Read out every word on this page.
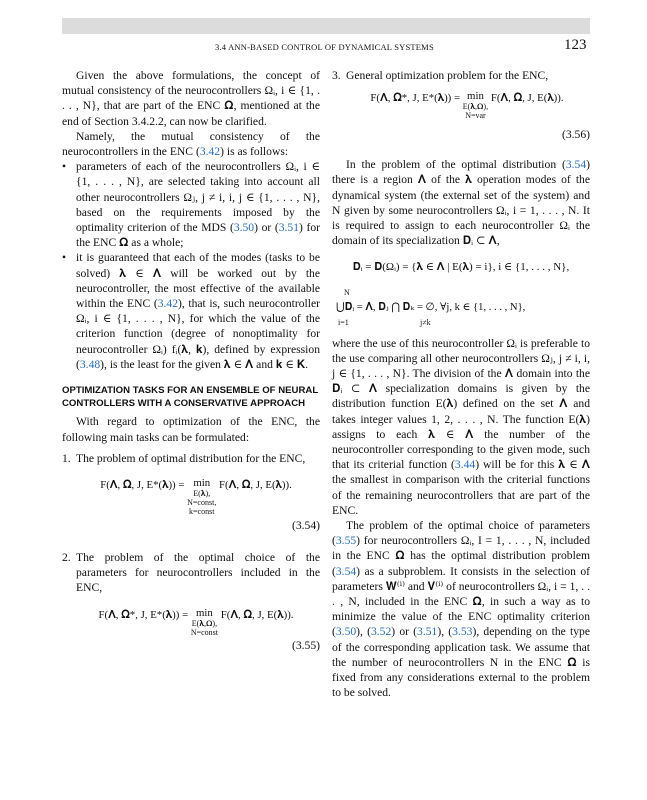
3.4 ANN-BASED CONTROL OF DYNAMICAL SYSTEMS	123

Given the above formulations, the concept of mutual consistency of the neurocontrollers Ωᵢ, i ∈ {1, . . . , N}, that are part of the ENC 𝛀, mentioned at the end of Section 3.4.2.2, can now be clarified.

Namely, the mutual consistency of the neurocontrollers in the ENC (3.42) is as follows:

• parameters of each of the neurocontrollers Ωᵢ, i ∈ {1, . . . , N}, are selected taking into account all other neurocontrollers Ωⱼ, j ≠ i, i, j ∈ {1, . . . , N}, based on the requirements imposed by the optimality criterion of the MDS (3.50) or (3.51) for the ENC 𝛀 as a whole;
• it is guaranteed that each of the modes (tasks to be solved) 𝛌 ∈ 𝚲 will be worked out by the neurocontroller, the most effective of the available within the ENC (3.42), that is, such neurocontroller Ωᵢ, i ∈ {1, . . . , N}, for which the value of the criterion function (degree of nonoptimality for neurocontroller Ωᵢ) fᵢ(𝛌, 𝐤), defined by expression (3.48), is the least for the given 𝛌 ∈ 𝚲 and 𝐤 ∈ 𝐊.
OPTIMIZATION TASKS FOR AN ENSEMBLE OF NEURAL CONTROLLERS WITH A CONSERVATIVE APPROACH

With regard to optimization of the ENC, the following main tasks can be formulated:

1. The problem of optimal distribution for the ENC,
F(𝚲, 𝛀, J, E*(𝛌)) = min
E(𝛌),
N=const,
k=const
F(𝚲, 𝛀, J, E(𝛌)).
(3.54)
2. The problem of the optimal choice of the parameters for neurocontrollers included in the ENC,
F(𝚲, 𝛀*, J, E*(𝛌)) = min
E(𝛌,𝛀),
N=const
F(𝚲, 𝛀, J, E(𝛌)).
(3.55)
3. General optimization problem for the ENC,
F(𝚲, 𝛀*, J, E*(𝛌)) = min
E(𝛌,𝛀),
N=var
F(𝚲, 𝛀, J, E(𝛌)).
(3.56)

In the problem of the optimal distribution (3.54) there is a region 𝚲 of the 𝛌 operation modes of the dynamical system (the external set of the system) and N given by some neurocontrollers Ωᵢ, i = 1, . . . , N. It is required to assign to each neurocontroller Ωᵢ the domain of its specialization 𝐃ᵢ ⊂ 𝚲,

𝐃ᵢ = 𝐃(Ωᵢ) = {𝛌 ∈ 𝚲 | E(𝛌) = i}, i ∈ {1, . . . , N},
N
⋃𝐃ᵢ = 𝚲, 𝐃ⱼ ⋂ 𝐃ₖ = ∅, ∀j, k ∈ {1, . . . , N},
i=1	j≠k

where the use of this neurocontroller Ωᵢ is preferable to the use comparing all other neurocontrollers Ωⱼ, j ≠ i, i, j ∈ {1, . . . , N}. The division of the 𝚲 domain into the 𝐃ᵢ ⊂ 𝚲 specialization domains is given by the distribution function E(𝛌) defined on the set 𝚲 and takes integer values 1, 2, . . . , N. The function E(𝛌) assigns to each 𝛌 ∈ 𝚲 the number of the neurocontroller corresponding to the given mode, such that its criterial function (3.44) will be for this 𝛌 ∈ 𝚲 the smallest in comparison with the criterial functions of the remaining neurocontrollers that are part of the ENC.

The problem of the optimal choice of parameters (3.55) for neurocontrollers Ωᵢ, I = 1, . . . , N, included in the ENC 𝛀 has the optimal distribution problem (3.54) as a subproblem. It consists in the selection of parameters 𝐖⁽ⁱ⁾ and 𝐕⁽ⁱ⁾ of neurocontrollers Ωᵢ, i = 1, . . . , N, included in the ENC 𝛀, in such a way as to minimize the value of the ENC optimality criterion (3.50), (3.52) or (3.51), (3.53), depending on the type of the corresponding application task. We assume that the number of neurocontrollers N in the ENC 𝛀 is fixed from any considerations external to the problem to be solved.
